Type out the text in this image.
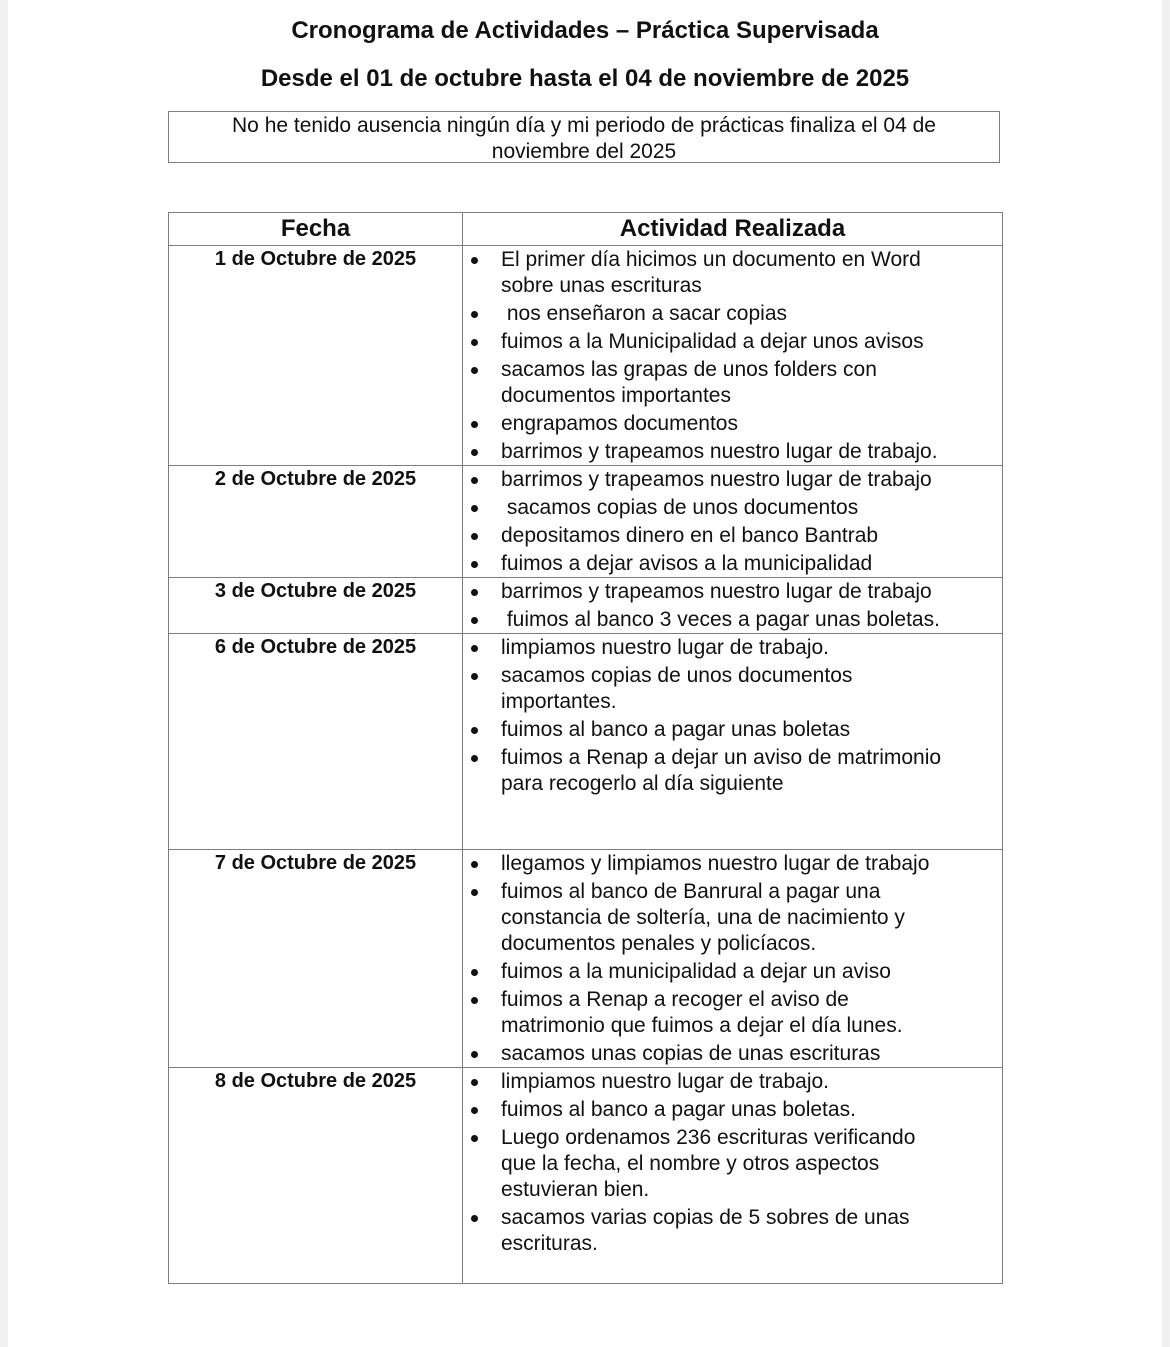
Cronograma de Actividades – Práctica Supervisada
Desde el 01 de octubre hasta el 04 de noviembre de 2025
No he tenido ausencia ningún día y mi periodo de prácticas finaliza el 04 de noviembre del 2025
Fecha	Actividad Realizada
1 de Octubre de 2025	El primer día hicimos un documento en Word sobre unas escrituras
nos enseñaron a sacar copias
fuimos a la Municipalidad a dejar unos avisos
sacamos las grapas de unos folders con documentos importantes
engrapamos documentos
barrimos y trapeamos nuestro lugar de trabajo.

2 de Octubre de 2025	barrimos y trapeamos nuestro lugar de trabajo
sacamos copias de unos documentos
depositamos dinero en el banco Bantrab
fuimos a dejar avisos a la municipalidad

3 de Octubre de 2025	barrimos y trapeamos nuestro lugar de trabajo
fuimos al banco 3 veces a pagar unas boletas.

6 de Octubre de 2025	limpiamos nuestro lugar de trabajo.
sacamos copias de unos documentos importantes.
fuimos al banco a pagar unas boletas
fuimos a Renap a dejar un aviso de matrimonio para recogerlo al día siguiente

7 de Octubre de 2025	llegamos y limpiamos nuestro lugar de trabajo
fuimos al banco de Banrural a pagar una constancia de soltería, una de nacimiento y documentos penales y policíacos.
fuimos a la municipalidad a dejar un aviso
fuimos a Renap a recoger el aviso de matrimonio que fuimos a dejar el día lunes.
sacamos unas copias de unas escrituras

8 de Octubre de 2025	limpiamos nuestro lugar de trabajo.
fuimos al banco a pagar unas boletas.
Luego ordenamos 236 escrituras verificando que la fecha, el nombre y otros aspectos estuvieran bien.
sacamos varias copias de 5 sobres de unas escrituras.
